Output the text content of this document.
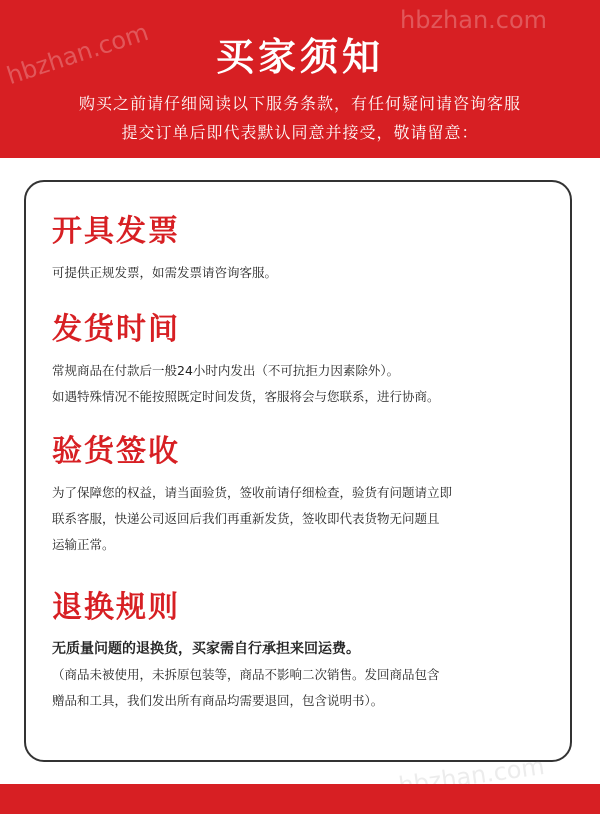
hbzhan.com
hbzhan.com	买家须知
购买之前请仔细阅读以下服务条款，有任何疑问请咨询客服
提交订单后即代表默认同意并接受，敬请留意：
开具发票
可提供正规发票，如需发票请咨询客服。
发货时间
常规商品在付款后一般24小时内发出（不可抗拒力因素除外）。
如遇特殊情况不能按照既定时间发货，客服将会与您联系，进行协商。
验货签收
为了保障您的权益，请当面验货，签收前请仔细检查，验货有问题请立即
联系客服，快递公司返回后我们再重新发货，签收即代表货物无问题且
运输正常。
退换规则
无质量问题的退换货，买家需自行承担来回运费。
（商品未被使用，未拆原包装等，商品不影响二次销售。发回商品包含
赠品和工具，我们发出所有商品均需要退回，包含说明书）。
hbzhan.com
